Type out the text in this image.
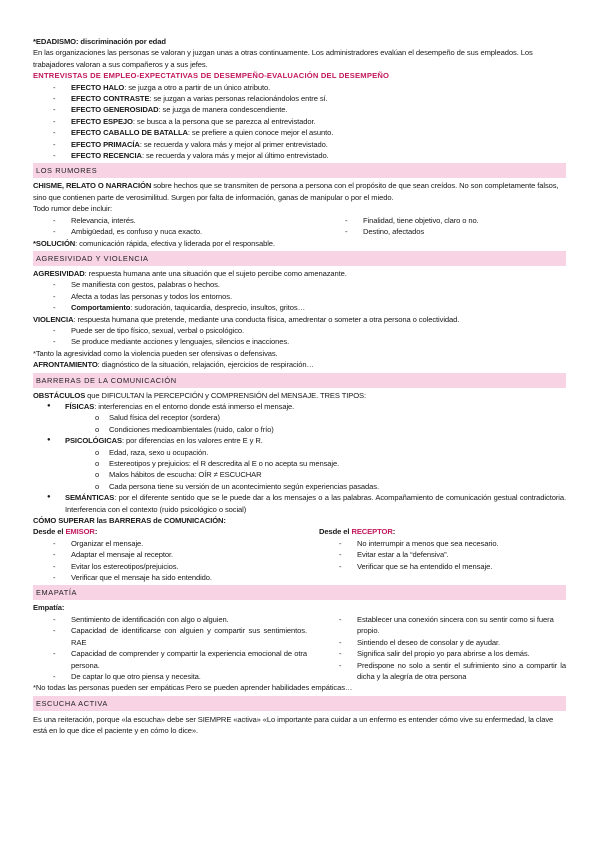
*EDADISMO: discriminación por edad
En las organizaciones las personas se valoran y juzgan unas a otras continuamente. Los administradores evalúan el desempeño de sus empleados. Los trabajadores valoran a sus compañeros y a sus jefes.
ENTREVISTAS DE EMPLEO-EXPECTATIVAS DE DESEMPEÑO-EVALUACIÓN DEL DESEMPEÑO
- EFECTO HALO: se juzga a otro a partir de un único atributo.
- EFECTO CONTRASTE: se juzgan a varias personas relacionándolos entre sí.
- EFECTO GENEROSIDAD: se juzga de manera condescendiente.
- EFECTO ESPEJO: se busca a la persona que se parezca al entrevistador.
- EFECTO CABALLO DE BATALLA: se prefiere a quien conoce mejor el asunto.
- EFECTO PRIMACÍA: se recuerda y valora más y mejor al primer entrevistado.
- EFECTO RECENCIA: se recuerda y valora más y mejor al último entrevistado.
LOS RUMORES
CHISME, RELATO O NARRACIÓN sobre hechos que se transmiten de persona a persona con el propósito de que sean creídos. No son completamente falsos, sino que contienen parte de verosimilitud. Surgen por falta de información, ganas de manipular o por el miedo.
Todo rumor debe incluir:
- Relevancia, interés.
- Ambigüedad, es confuso y nuca exacto.
- Finalidad, tiene objetivo, claro o no.
- Destino, afectados
*SOLUCIÓN: comunicación rápida, efectiva y liderada por el responsable.
AGRESIVIDAD Y VIOLENCIA
AGRESIVIDAD: respuesta humana ante una situación que el sujeto percibe como amenazante.
- Se manifiesta con gestos, palabras o hechos.
- Afecta a todas las personas y todos los entornos.
- Comportamiento: sudoración, taquicardia, desprecio, insultos, gritos…
VIOLENCIA: respuesta humana que pretende, mediante una conducta física, amedrentar o someter a otra persona o colectividad.
- Puede ser de tipo físico, sexual, verbal o psicológico.
- Se produce mediante acciones y lenguajes, silencios e inacciones.
*Tanto la agresividad como la violencia pueden ser ofensivas o defensivas.
AFRONTAMIENTO: diagnóstico de la situación, relajación, ejercicios de respiración…
BARRERAS DE LA COMUNICACIÓN
OBSTÁCULOS que DIFICULTAN la PERCEPCIÓN y COMPRENSIÓN del MENSAJE. TRES TIPOS:
● FÍSICAS: interferencias en el entorno donde está inmerso el mensaje.
o Salud física del receptor (sordera)
o Condiciones medioambientales (ruido, calor o frío)
● PSICOLÓGICAS: por diferencias en los valores entre E y R.
o Edad, raza, sexo u ocupación.
o Estereotipos y prejuicios: el R descredita al E o no acepta su mensaje.
o Malos hábitos de escucha: OÍR ≠ ESCUCHAR
o Cada persona tiene su versión de un acontecimiento según experiencias pasadas.
● SEMÁNTICAS: por el diferente sentido que se le puede dar a los mensajes o a las palabras. Acompañamiento de comunicación gestual contradictoria. Interferencia con el contexto (ruido psicológico o social)
CÓMO SUPERAR las BARRERAS de COMUNICACIÓN:
Desde el EMISOR:
- Organizar el mensaje.
- Adaptar el mensaje al receptor.
- Evitar los estereotipos/prejuicios.
- Verificar que el mensaje ha sido entendido.
Desde el RECEPTOR:
- No interrumpir a menos que sea necesario.
- Evitar estar a la “defensiva”.
- Verificar que se ha entendido el mensaje.
EMAPATÍA
Empatía:
- Sentimiento de identificación con algo o alguien.
- Capacidad de identificarse con alguien y compartir sus sentimientos. RAE
- Capacidad de comprender y compartir la experiencia emocional de otra persona.
- De captar lo que otro piensa y necesita.
- Establecer una conexión sincera con su sentir como si fuera propio.
- Sintiendo el deseo de consolar y de ayudar.
- Significa salir del propio yo para abrirse a los demás.
- Predispone no solo a sentir el sufrimiento sino a compartir la dicha y la alegría de otra persona
*No todas las personas pueden ser empáticas Pero se pueden aprender habilidades empáticas…
ESCUCHA ACTIVA
Es una reiteración, porque «la escucha» debe ser SIEMPRE «activa» «Lo importante para cuidar a un enfermo es entender cómo vive su enfermedad, la clave está en lo que dice el paciente y en cómo lo dice».
